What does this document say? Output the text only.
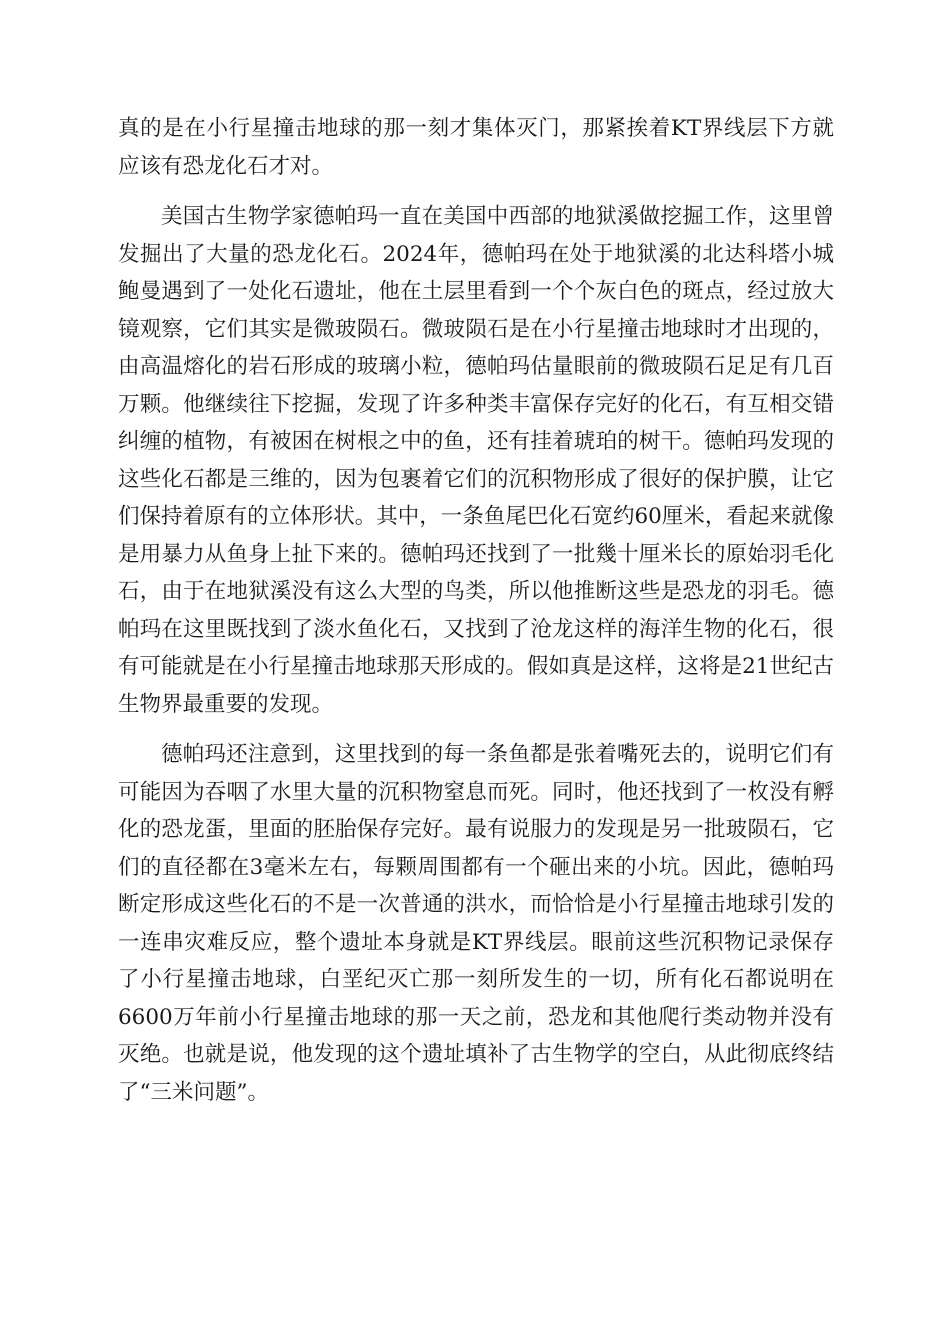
真的是在小行星撞击地球的那一刻才集体灭门，那紧挨着KT界线层下方就应该有恐龙化石才对。

美国古生物学家德帕玛一直在美国中西部的地狱溪做挖掘工作，这里曾发掘出了大量的恐龙化石。2024年，德帕玛在处于地狱溪的北达科塔小城鲍曼遇到了一处化石遗址，他在土层里看到一个个灰白色的斑点，经过放大镜观察，它们其实是微玻陨石。微玻陨石是在小行星撞击地球时才出现的，由高温熔化的岩石形成的玻璃小粒，德帕玛估量眼前的微玻陨石足足有几百万颗。他继续往下挖掘，发现了许多种类丰富保存完好的化石，有互相交错纠缠的植物，有被困在树根之中的鱼，还有挂着琥珀的树干。德帕玛发现的这些化石都是三维的，因为包裹着它们的沉积物形成了很好的保护膜，让它们保持着原有的立体形状。其中，一条鱼尾巴化石宽约60厘米，看起来就像是用暴力从鱼身上扯下来的。德帕玛还找到了一批幾十厘米长的原始羽毛化石，由于在地狱溪没有这么大型的鸟类，所以他推断这些是恐龙的羽毛。德帕玛在这里既找到了淡水鱼化石，又找到了沧龙这样的海洋生物的化石，很有可能就是在小行星撞击地球那天形成的。假如真是这样，这将是21世纪古生物界最重要的发现。

德帕玛还注意到，这里找到的每一条鱼都是张着嘴死去的，说明它们有可能因为吞咽了水里大量的沉积物窒息而死。同时，他还找到了一枚没有孵化的恐龙蛋，里面的胚胎保存完好。最有说服力的发现是另一批玻陨石，它们的直径都在3毫米左右，每颗周围都有一个砸出来的小坑。因此，德帕玛断定形成这些化石的不是一次普通的洪水，而恰恰是小行星撞击地球引发的一连串灾难反应，整个遗址本身就是KT界线层。眼前这些沉积物记录保存了小行星撞击地球，白垩纪灭亡那一刻所发生的一切，所有化石都说明在6600万年前小行星撞击地球的那一天之前，恐龙和其他爬行类动物并没有灭绝。也就是说，他发现的这个遗址填补了古生物学的空白，从此彻底终结了“三米问题”。
